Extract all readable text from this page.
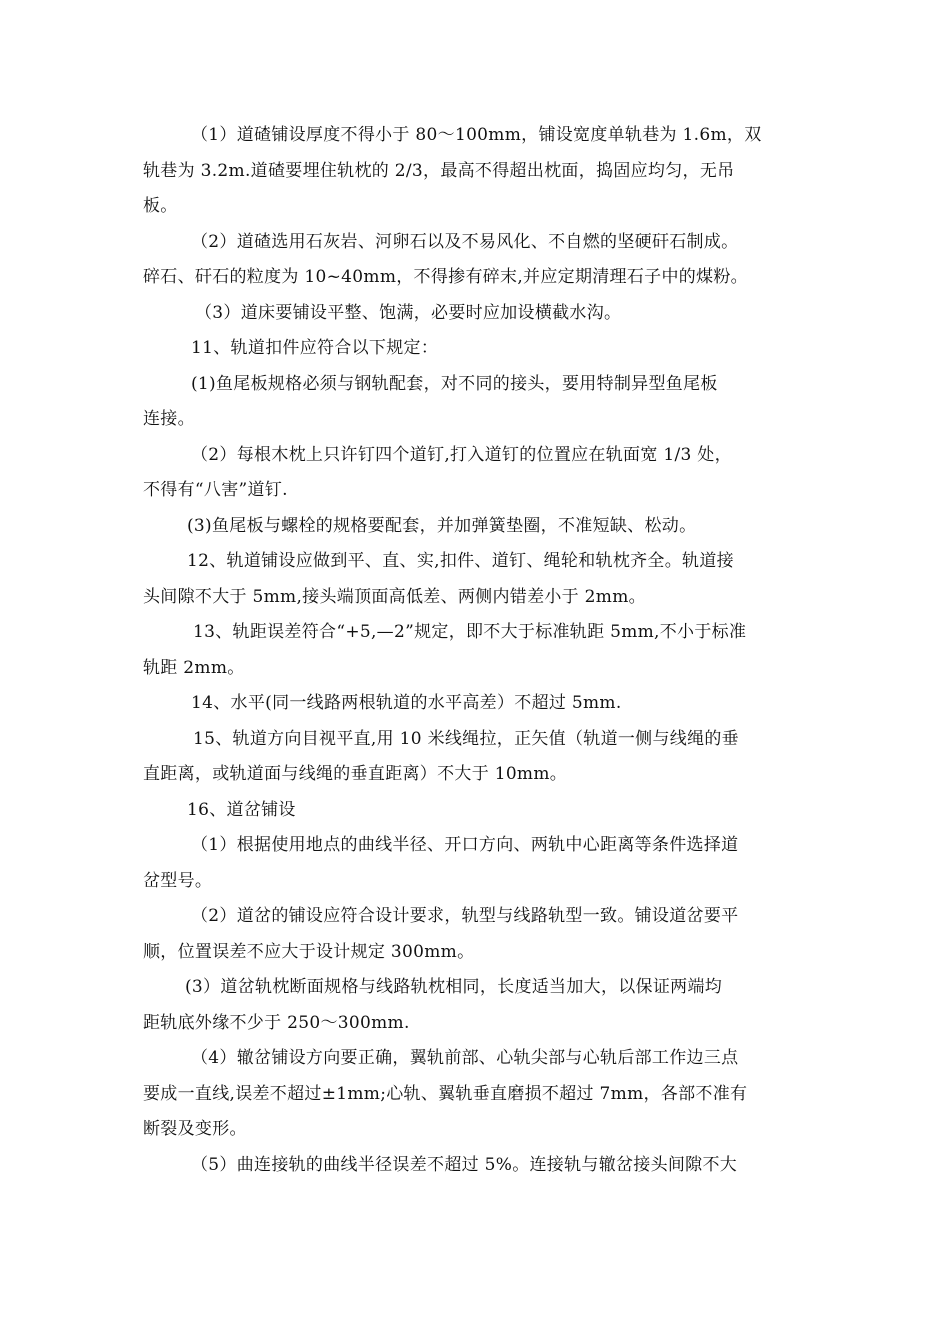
（1）道碴铺设厚度不得小于 80～100mm，铺设宽度单轨巷为 1.6m，双
轨巷为 3.2m.道碴要埋住轨枕的 2/3，最高不得超出枕面，捣固应均匀，无吊
板。
（2）道碴选用石灰岩、河卵石以及不易风化、不自燃的坚硬矸石制成。
碎石、矸石的粒度为 10~40mm，不得掺有碎末,并应定期清理石子中的煤粉。
（3）道床要铺设平整、饱满，必要时应加设横截水沟。
11、轨道扣件应符合以下规定：
(1)鱼尾板规格必须与钢轨配套，对不同的接头，要用特制异型鱼尾板
连接。
（2）每根木枕上只许钉四个道钉,打入道钉的位置应在轨面宽 1/3 处，
不得有“八害”道钉.
(3)鱼尾板与螺栓的规格要配套，并加弹簧垫圈，不准短缺、松动。
12、轨道铺设应做到平、直、实,扣件、道钉、绳轮和轨枕齐全。轨道接
头间隙不大于 5mm,接头端顶面高低差、两侧内错差小于 2mm。
13、轨距误差符合“+5,—2”规定，即不大于标准轨距 5mm,不小于标准
轨距 2mm。
14、水平(同一线路两根轨道的水平高差）不超过 5mm.
15、轨道方向目视平直,用 10 米线绳拉，正矢值（轨道一侧与线绳的垂
直距离，或轨道面与线绳的垂直距离）不大于 10mm。
16、道岔铺设
（1）根据使用地点的曲线半径、开口方向、两轨中心距离等条件选择道
岔型号。
（2）道岔的铺设应符合设计要求，轨型与线路轨型一致。铺设道岔要平
顺，位置误差不应大于设计规定 300mm。
(3）道岔轨枕断面规格与线路轨枕相同，长度适当加大，以保证两端均
距轨底外缘不少于 250～300mm.
（4）辙岔铺设方向要正确，翼轨前部、心轨尖部与心轨后部工作边三点
要成一直线,误差不超过±1mm;心轨、翼轨垂直磨损不超过 7mm，各部不准有
断裂及变形。
（5）曲连接轨的曲线半径误差不超过 5%。连接轨与辙岔接头间隙不大
